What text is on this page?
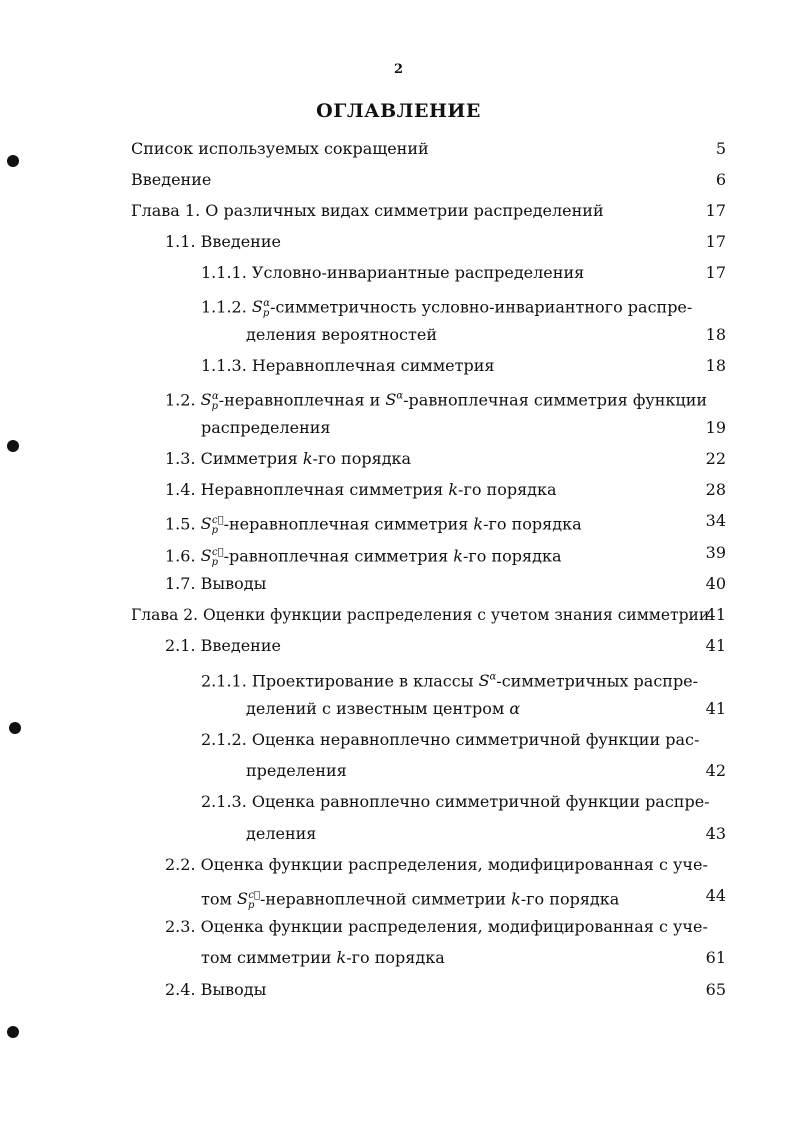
2
ОГЛАВЛЕНИЕ
Список используемых сокращений	5
Введение	6
Глава 1. О различных видах симметрии распределений	17
1.1. Введение	17
1.1.1. Условно-инвариантные распределения	17
1.1.2. $S_p^\alpha$-симметричность условно-инвариантного распре-
деления вероятностей	18
1.1.3. Неравноплечная симметрия	18
1.2. $S_p^\alpha$-неравноплечная и $S^\alpha$-равноплечная симметрия функции
распределения	19
1.3. Симметрия k-го порядка	22
1.4. Неравноплечная симметрия k-го порядка	28
1.5. $S_p^{c⃗}$-неравноплечная симметрия k-го порядка	34
1.6. $S_p^{c⃗}$-равноплечная симметрия k-го порядка	39
1.7. Выводы	40
Глава 2. Оценки функции распределения с учетом знания симметрии
41
2.1. Введение	41
2.1.1. Проектирование в классы $S^\alpha$-симметричных распре-
делений с известным центром α	41
2.1.2. Оценка неравноплечно симметричной функции рас-
пределения	42
2.1.3. Оценка равноплечно симметричной функции распре-
деления	43
2.2. Оценка функции распределения, модифицированная с уче-
том $S_p^{c⃗}$-неравноплечной симметрии k-го порядка	44
2.3. Оценка функции распределения, модифицированная с уче-
том симметрии k-го порядка	61
2.4. Выводы	65
